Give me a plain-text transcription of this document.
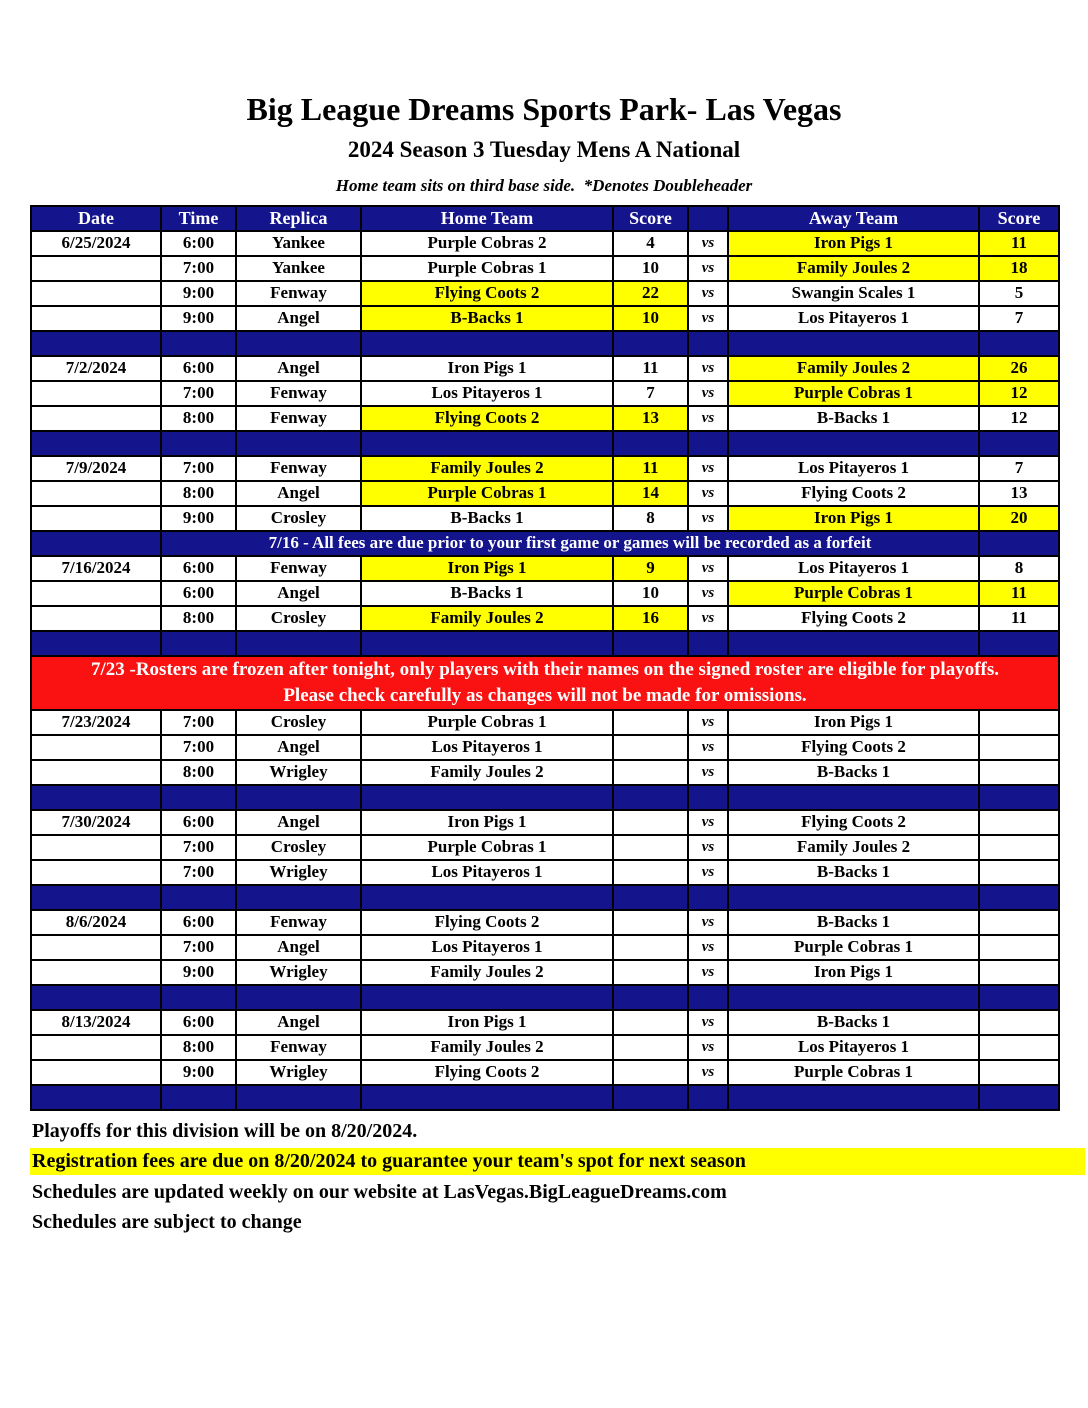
Big League Dreams Sports Park- Las Vegas
2024 Season 3 Tuesday Mens A National
Home team sits on third base side.  *Denotes Doubleheader
Date	Time	Replica	Home Team	Score		Away Team	Score
6/25/2024	6:00	Yankee	Purple Cobras 2	4	vs	Iron Pigs 1	11
	7:00	Yankee	Purple Cobras 1	10	vs	Family Joules 2	18
	9:00	Fenway	Flying Coots 2	22	vs	Swangin Scales 1	5
	9:00	Angel	B-Backs 1	10	vs	Los Pitayeros 1	7

7/2/2024	6:00	Angel	Iron Pigs 1	11	vs	Family Joules 2	26
	7:00	Fenway	Los Pitayeros 1	7	vs	Purple Cobras 1	12
	8:00	Fenway	Flying Coots 2	13	vs	B-Backs 1	12

7/9/2024	7:00	Fenway	Family Joules 2	11	vs	Los Pitayeros 1	7
	8:00	Angel	Purple Cobras 1	14	vs	Flying Coots 2	13
	9:00	Crosley	B-Backs 1	8	vs	Iron Pigs 1	20
	7/16 - All fees are due prior to your first game or games will be recorded as a forfeit						
7/16/2024	6:00	Fenway	Iron Pigs 1	9	vs	Los Pitayeros 1	8
	6:00	Angel	B-Backs 1	10	vs	Purple Cobras 1	11
	8:00	Crosley	Family Joules 2	16	vs	Flying Coots 2	11

7/23 -Rosters are frozen after tonight, only players with their names on the signed roster are eligible for playoffs.
Please check carefully as changes will not be made for omissions.							

7/23/2024	7:00	Crosley	Purple Cobras 1		vs	Iron Pigs 1	
	7:00	Angel	Los Pitayeros 1		vs	Flying Coots 2	
	8:00	Wrigley	Family Joules 2		vs	B-Backs 1	

7/30/2024	6:00	Angel	Iron Pigs 1		vs	Flying Coots 2	
	7:00	Crosley	Purple Cobras 1		vs	Family Joules 2	
	7:00	Wrigley	Los Pitayeros 1		vs	B-Backs 1	

8/6/2024	6:00	Fenway	Flying Coots 2		vs	B-Backs 1	
	7:00	Angel	Los Pitayeros 1		vs	Purple Cobras 1	
	9:00	Wrigley	Family Joules 2		vs	Iron Pigs 1	

8/13/2024	6:00	Angel	Iron Pigs 1		vs	B-Backs 1	
	8:00	Fenway	Family Joules 2		vs	Los Pitayeros 1	
	9:00	Wrigley	Flying Coots 2		vs	Purple Cobras 1	

Playoffs for this division will be on 8/20/2024.
Registration fees are due on 8/20/2024 to guarantee your team's spot for next season
Schedules are updated weekly on our website at LasVegas.BigLeagueDreams.com
Schedules are subject to change
